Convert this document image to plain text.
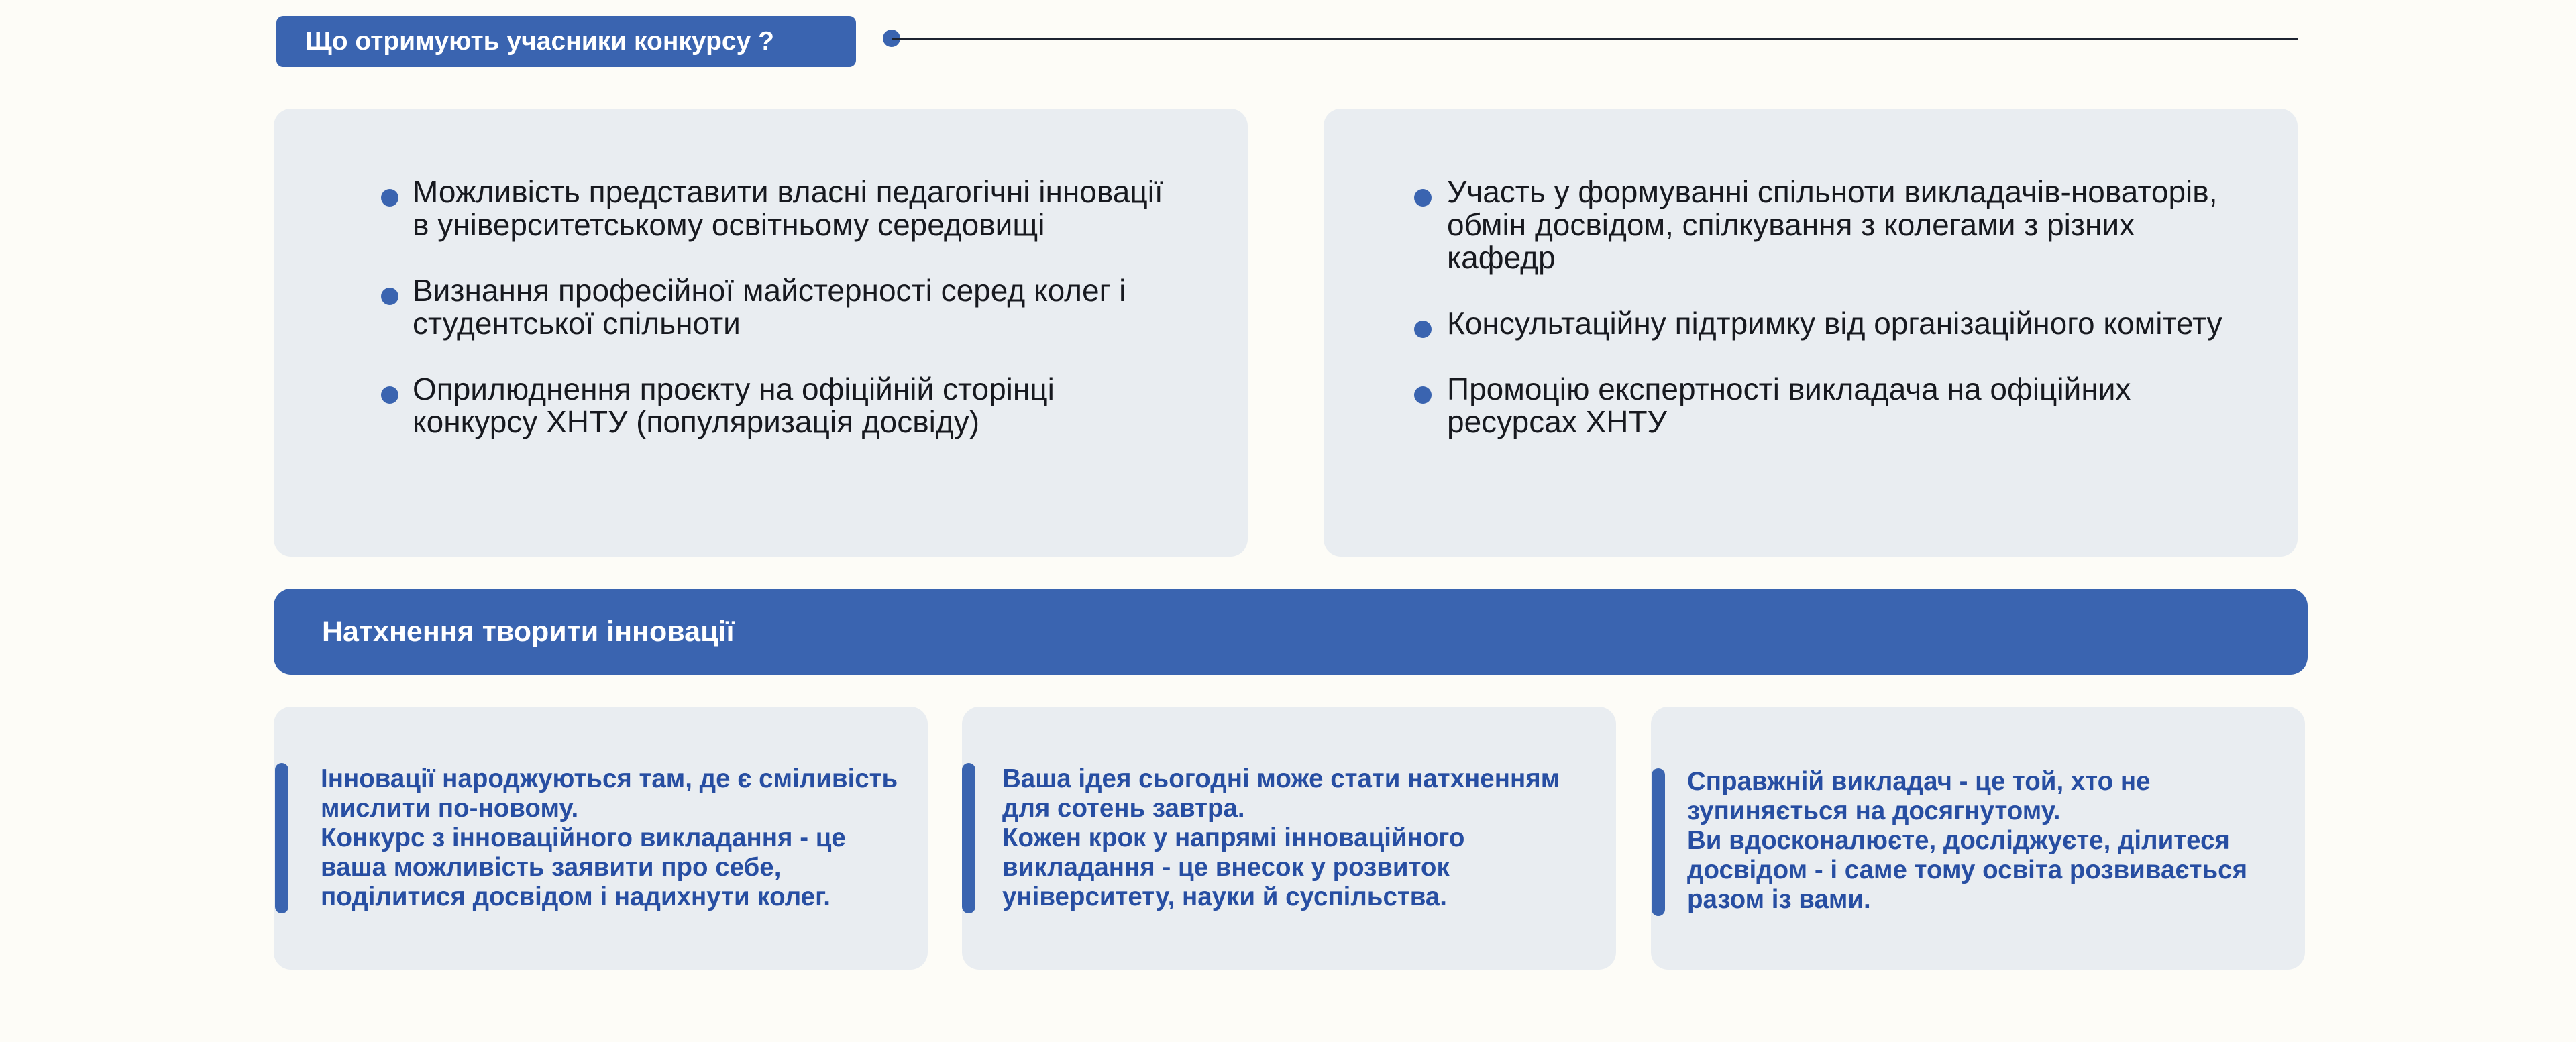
Що отримують учасники конкурсу ?
Можливість представити власні педагогічні інновації в університетському освітньому середовищі
Визнання професійної майстерності серед колег і студентської спільноти
Оприлюднення проєкту на офіційній сторінці конкурсу ХНТУ (популяризація досвіду)
Участь у формуванні спільноти викладачів-новаторів, обмін досвідом, спілкування з колегами з різних кафедр
Консультаційну підтримку від організаційного комітету
Промоцію експертності викладача на офіційних ресурсах ХНТУ
Натхнення творити інновації
Інновації народжуються там, де є сміливість мислити по-новому.
Конкурс з інноваційного викладання - це ваша можливість заявити про себе, поділитися досвідом і надихнути колег.
Ваша ідея сьогодні може стати натхненням для сотень завтра.
Кожен крок у напрямі інноваційного викладання - це внесок у розвиток університету, науки й суспільства.
Справжній викладач - це той, хто не зупиняється на досягнутому.
Ви вдосконалюєте, досліджуєте, ділитеся досвідом - і саме тому освіта розвивається разом із вами.
